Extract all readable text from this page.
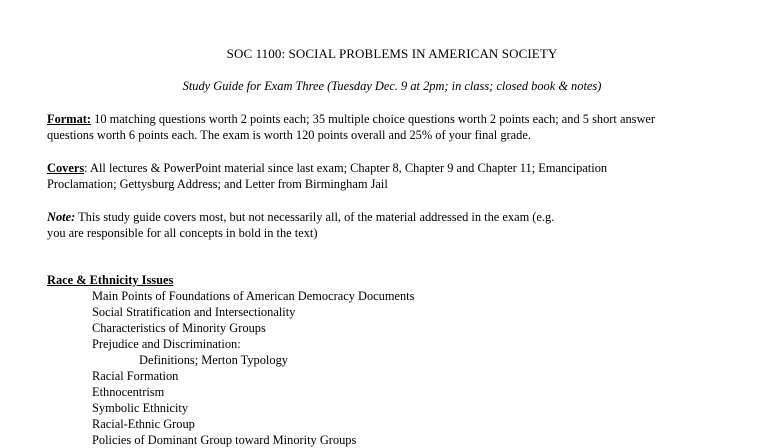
SOC 1100: SOCIAL PROBLEMS IN AMERICAN SOCIETY
Study Guide for Exam Three (Tuesday Dec. 9 at 2pm; in class; closed book & notes)
Format: 10 matching questions worth 2 points each; 35 multiple choice questions worth 2 points each; and 5 short answer
questions worth 6 points each. The exam is worth 120 points overall and 25% of your final grade.
Covers: All lectures & PowerPoint material since last exam; Chapter 8, Chapter 9 and Chapter 11; Emancipation
Proclamation; Gettysburg Address; and Letter from Birmingham Jail
Note: This study guide covers most, but not necessarily all, of the material addressed in the exam (e.g.
you are responsible for all concepts in bold in the text)
Race & Ethnicity Issues
Main Points of Foundations of American Democracy Documents
Social Stratification and Intersectionality
Characteristics of Minority Groups
Prejudice and Discrimination:
Definitions; Merton Typology
Racial Formation
Ethnocentrism
Symbolic Ethnicity
Racial-Ethnic Group
Policies of Dominant Group toward Minority Groups
